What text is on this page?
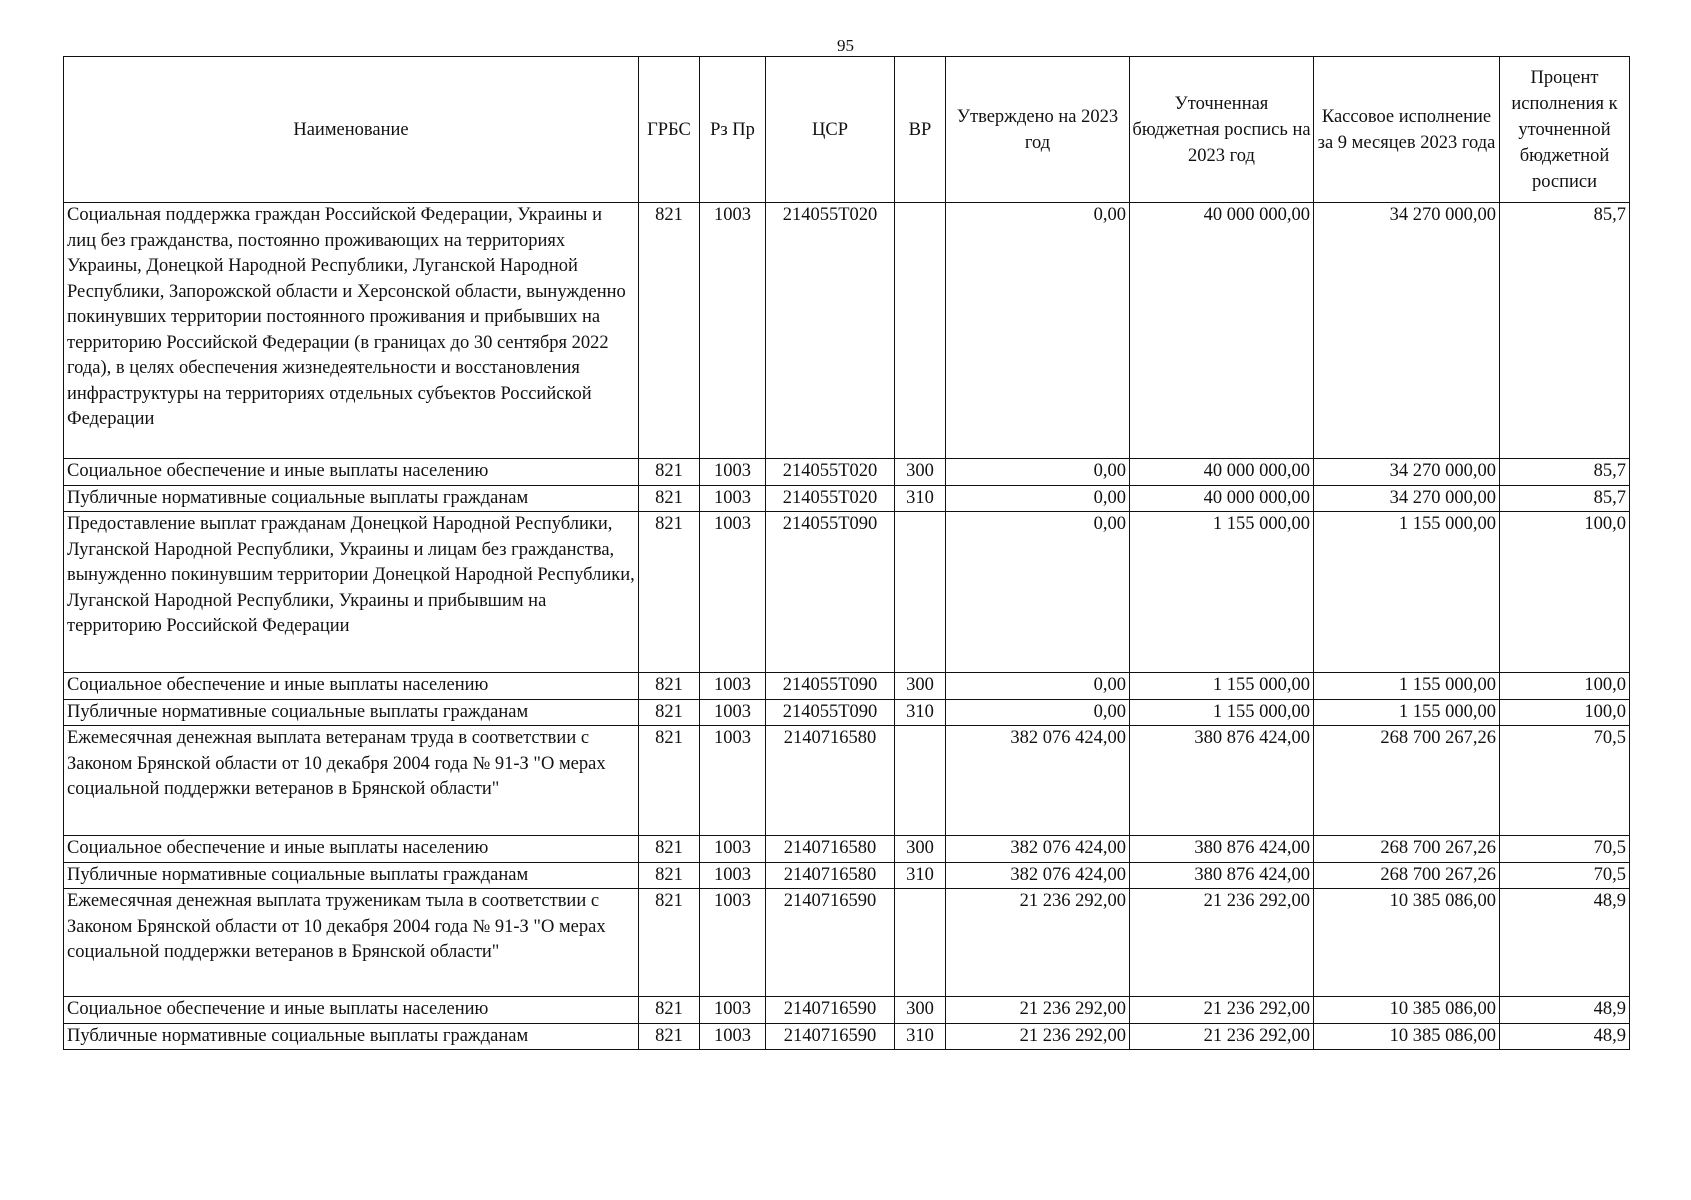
95
Наименование	ГРБС	Рз Пр	ЦСР	ВР	Утверждено на 2023 год	Уточненная бюджетная роспись на 2023 год	Кассовое исполнение за 9 месяцев 2023 года	Процент исполнения к уточненной бюджетной росписи
Социальная поддержка граждан Российской Федерации, Украины и лиц без гражданства, постоянно проживающих на территориях Украины, Донецкой Народной Республики, Луганской Народной Республики, Запорожской области и Херсонской области, вынужденно покинувших территории постоянного проживания и прибывших на территорию Российской Федерации (в границах до 30 сентября 2022 года), в целях обеспечения жизнедеятельности и восстановления инфраструктуры на территориях отдельных субъектов Российской Федерации	821	1003	214055Т020		0,00	40 000 000,00	34 270 000,00	85,7
Социальное обеспечение и иные выплаты населению	821	1003	214055Т020	300	0,00	40 000 000,00	34 270 000,00	85,7
Публичные нормативные социальные выплаты гражданам	821	1003	214055Т020	310	0,00	40 000 000,00	34 270 000,00	85,7
Предоставление выплат гражданам Донецкой Народной Республики, Луганской Народной Республики, Украины и лицам без гражданства, вынужденно покинувшим территории Донецкой Народной Республики, Луганской Народной Республики, Украины и прибывшим на территорию Российской Федерации	821	1003	214055Т090		0,00	1 155 000,00	1 155 000,00	100,0
Социальное обеспечение и иные выплаты населению	821	1003	214055Т090	300	0,00	1 155 000,00	1 155 000,00	100,0
Публичные нормативные социальные выплаты гражданам	821	1003	214055Т090	310	0,00	1 155 000,00	1 155 000,00	100,0
Ежемесячная денежная выплата ветеранам труда в соответствии с Законом Брянской области от 10 декабря 2004 года № 91-З "О мерах социальной поддержки ветеранов в Брянской области"	821	1003	2140716580		382 076 424,00	380 876 424,00	268 700 267,26	70,5
Социальное обеспечение и иные выплаты населению	821	1003	2140716580	300	382 076 424,00	380 876 424,00	268 700 267,26	70,5
Публичные нормативные социальные выплаты гражданам	821	1003	2140716580	310	382 076 424,00	380 876 424,00	268 700 267,26	70,5
Ежемесячная денежная выплата труженикам тыла в соответствии с Законом Брянской области от 10 декабря 2004 года № 91-З "О мерах социальной поддержки ветеранов в Брянской области"	821	1003	2140716590		21 236 292,00	21 236 292,00	10 385 086,00	48,9
Социальное обеспечение и иные выплаты населению	821	1003	2140716590	300	21 236 292,00	21 236 292,00	10 385 086,00	48,9
Публичные нормативные социальные выплаты гражданам	821	1003	2140716590	310	21 236 292,00	21 236 292,00	10 385 086,00	48,9
